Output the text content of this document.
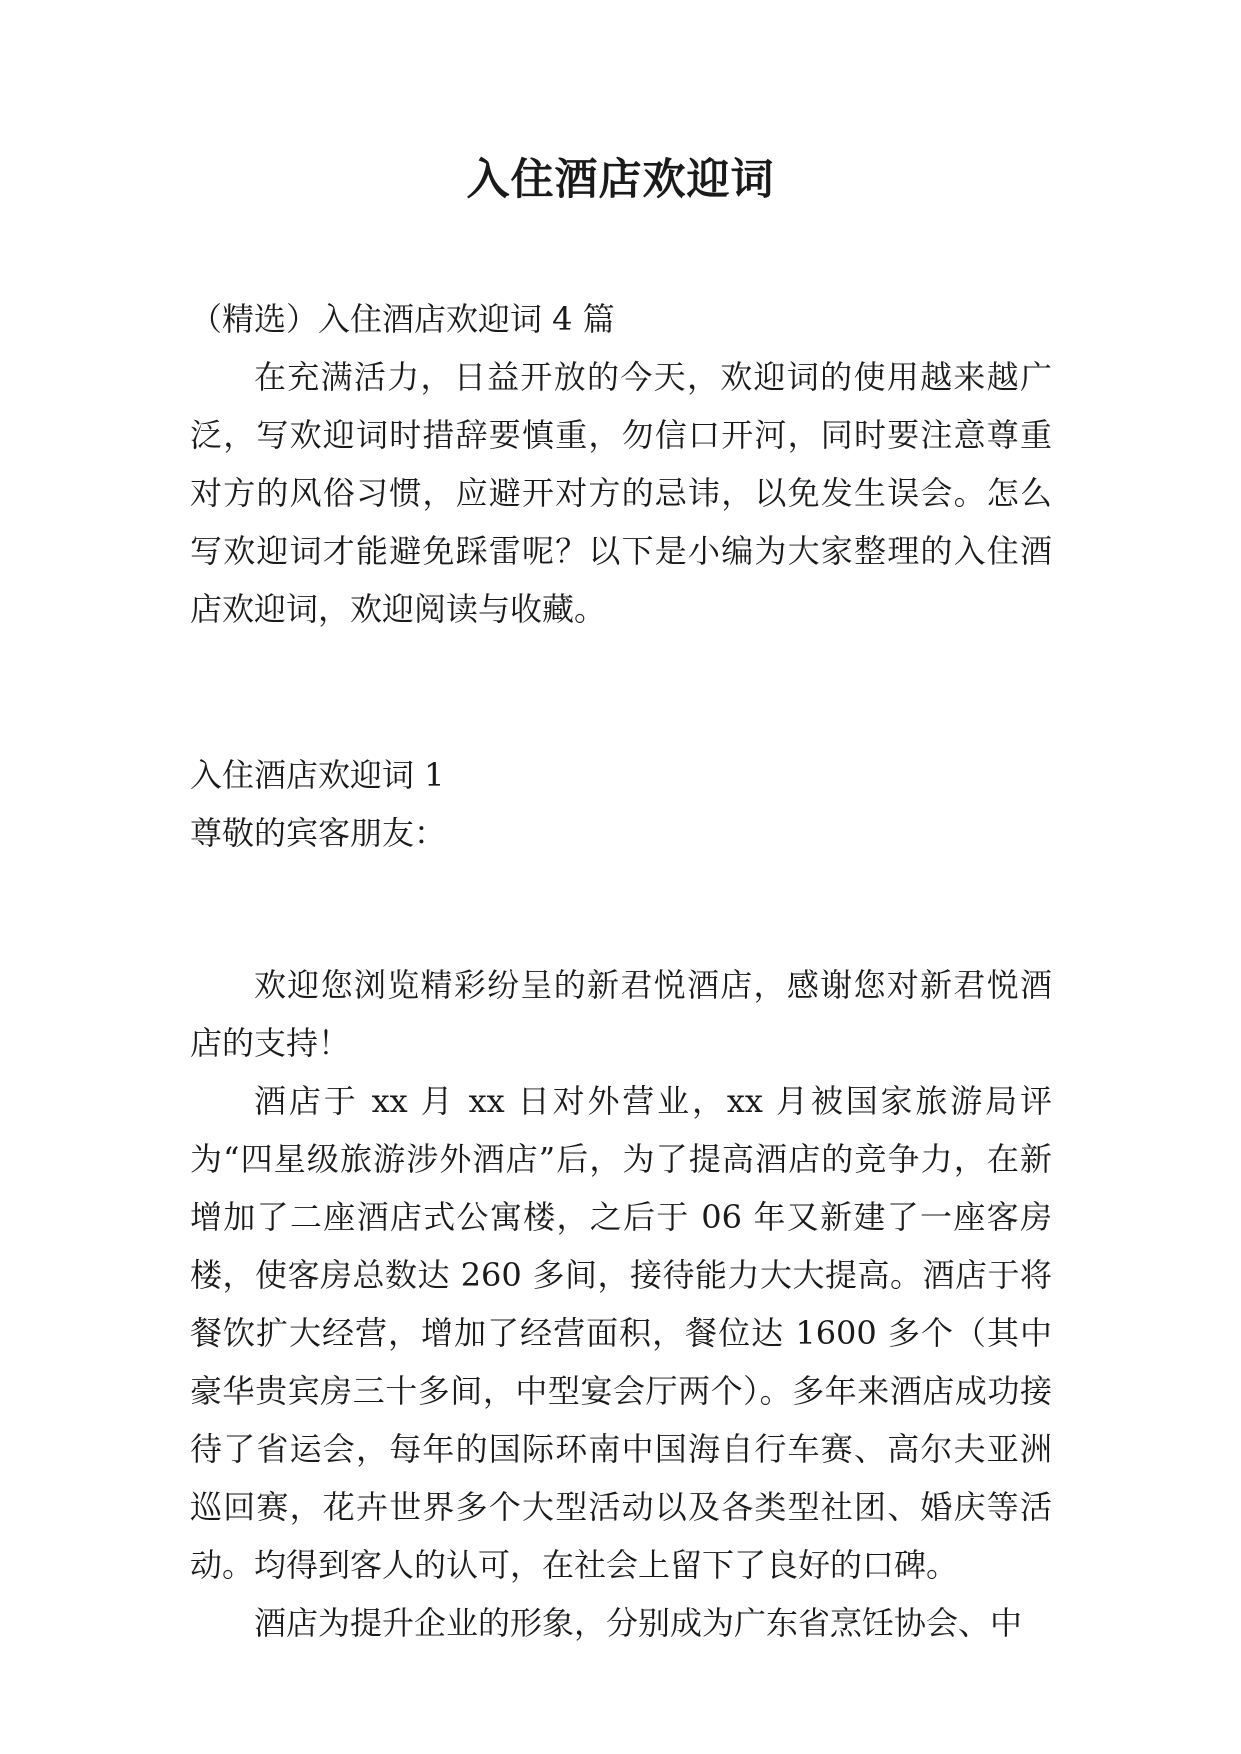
入住酒店欢迎词

（精选）入住酒店欢迎词 4 篇

在充满活力，日益开放的今天，欢迎词的使用越来越广泛，写欢迎词时措辞要慎重，勿信口开河，同时要注意尊重对方的风俗习惯，应避开对方的忌讳，以免发生误会。怎么写欢迎词才能避免踩雷呢？以下是小编为大家整理的入住酒店欢迎词，欢迎阅读与收藏。

入住酒店欢迎词 1

尊敬的宾客朋友：

欢迎您浏览精彩纷呈的新君悦酒店，感谢您对新君悦酒店的支持！

酒店于 xx 月 xx 日对外营业，xx 月被国家旅游局评为“四星级旅游涉外酒店”后，为了提高酒店的竞争力，在新增加了二座酒店式公寓楼，之后于 06 年又新建了一座客房楼，使客房总数达 260 多间，接待能力大大提高。酒店于将餐饮扩大经营，增加了经营面积，餐位达 1600 多个（其中豪华贵宾房三十多间，中型宴会厅两个）。多年来酒店成功接待了省运会，每年的国际环南中国海自行车赛、高尔夫亚洲巡回赛，花卉世界多个大型活动以及各类型社团、婚庆等活动。均得到客人的认可，在社会上留下了良好的口碑。

酒店为提升企业的形象，分别成为广东省烹饪协会、中
